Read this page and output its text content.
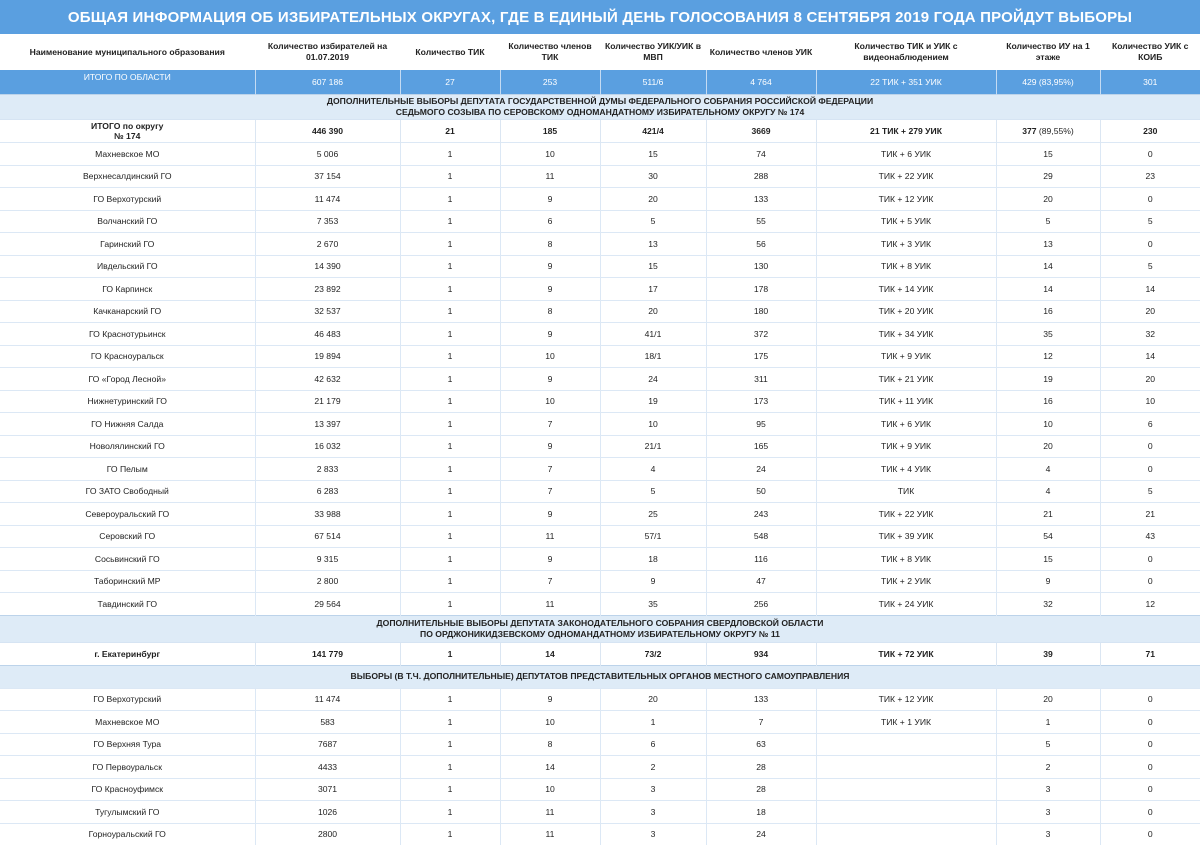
ОБЩАЯ ИНФОРМАЦИЯ ОБ ИЗБИРАТЕЛЬНЫХ ОКРУГАХ, ГДЕ В ЕДИНЫЙ ДЕНЬ ГОЛОСОВАНИЯ 8 СЕНТЯБРЯ 2019 ГОДА ПРОЙДУТ ВЫБОРЫ
Наименование муниципального образования	Количество избирателей на 01.07.2019	Количество ТИК	Количество членов ТИК	Количество УИК/УИК в МВП	Количество членов УИК	Количество ТИК и УИК с видеонаблюдением	Количество ИУ на 1 этаже	Количество УИК с КОИБ
ИТОГО ПО ОБЛАСТИ	607 186	27	253	511/6	4 764	22 ТИК + 351 УИК	429 (83,95%)	301

ДОПОЛНИТЕЛЬНЫЕ ВЫБОРЫ ДЕПУТАТА ГОСУДАРСТВЕННОЙ ДУМЫ ФЕДЕРАЛЬНОГО СОБРАНИЯ РОССИЙСКОЙ ФЕДЕРАЦИИ
СЕДЬМОГО СОЗЫВА ПО СЕРОВСКОМУ ОДНОМАНДАТНОМУ ИЗБИРАТЕЛЬНОМУ ОКРУГУ № 174								

ИТОГО по округу
№ 174	446 390	21	185	421/4	3669	21 ТИК + 279 УИК	377 (89,55%)	230
Махневское МО	5 006	1	10	15	74	ТИК + 6 УИК	15	0
Верхнесалдинский ГО	37 154	1	11	30	288	ТИК + 22 УИК	29	23
ГО Верхотурский	11 474	1	9	20	133	ТИК + 12 УИК	20	0
Волчанский ГО	7 353	1	6	5	55	ТИК + 5 УИК	5	5
Гаринский ГО	2 670	1	8	13	56	ТИК + 3 УИК	13	0
Ивдельский ГО	14 390	1	9	15	130	ТИК + 8 УИК	14	5
ГО Карпинск	23 892	1	9	17	178	ТИК + 14 УИК	14	14
Качканарский ГО	32 537	1	8	20	180	ТИК + 20 УИК	16	20
ГО Краснотурьинск	46 483	1	9	41/1	372	ТИК + 34 УИК	35	32
ГО Красноуральск	19 894	1	10	18/1	175	ТИК + 9 УИК	12	14
ГО «Город Лесной»	42 632	1	9	24	311	ТИК + 21 УИК	19	20
Нижнетуринский ГО	21 179	1	10	19	173	ТИК + 11 УИК	16	10
ГО Нижняя Салда	13 397	1	7	10	95	ТИК + 6 УИК	10	6
Новолялинский ГО	16 032	1	9	21/1	165	ТИК + 9 УИК	20	0
ГО Пелым	2 833	1	7	4	24	ТИК + 4 УИК	4	0
ГО ЗАТО Свободный	6 283	1	7	5	50	ТИК	4	5
Североуральский ГО	33 988	1	9	25	243	ТИК + 22 УИК	21	21
Серовский ГО	67 514	1	11	57/1	548	ТИК + 39 УИК	54	43
Сосьвинский ГО	9 315	1	9	18	116	ТИК + 8 УИК	15	0
Таборинский МР	2 800	1	7	9	47	ТИК + 2 УИК	9	0
Тавдинский ГО	29 564	1	11	35	256	ТИК + 24 УИК	32	12

ДОПОЛНИТЕЛЬНЫЕ ВЫБОРЫ ДЕПУТАТА ЗАКОНОДАТЕЛЬНОГО СОБРАНИЯ СВЕРДЛОВСКОЙ ОБЛАСТИ
ПО ОРДЖОНИКИДЗЕВСКОМУ ОДНОМАНДАТНОМУ ИЗБИРАТЕЛЬНОМУ ОКРУГУ № 11								

г. Екатеринбург	141 779	1	14	73/2	934	ТИК + 72 УИК	39	71

ВЫБОРЫ (В Т.Ч. ДОПОЛНИТЕЛЬНЫЕ) ДЕПУТАТОВ ПРЕДСТАВИТЕЛЬНЫХ ОРГАНОВ МЕСТНОГО САМОУПРАВЛЕНИЯ								

ГО Верхотурский	11 474	1	9	20	133	ТИК + 12 УИК	20	0
Махневское МО	583	1	10	1	7	ТИК + 1 УИК	1	0
ГО Верхняя Тура	7687	1	8	6	63		5	0
ГО Первоуральск	4433	1	14	2	28		2	0
ГО Красноуфимск	3071	1	10	3	28		3	0
Тугулымский ГО	1026	1	11	3	18		3	0
Горноуральский ГО	2800	1	11	3	24		3	0
